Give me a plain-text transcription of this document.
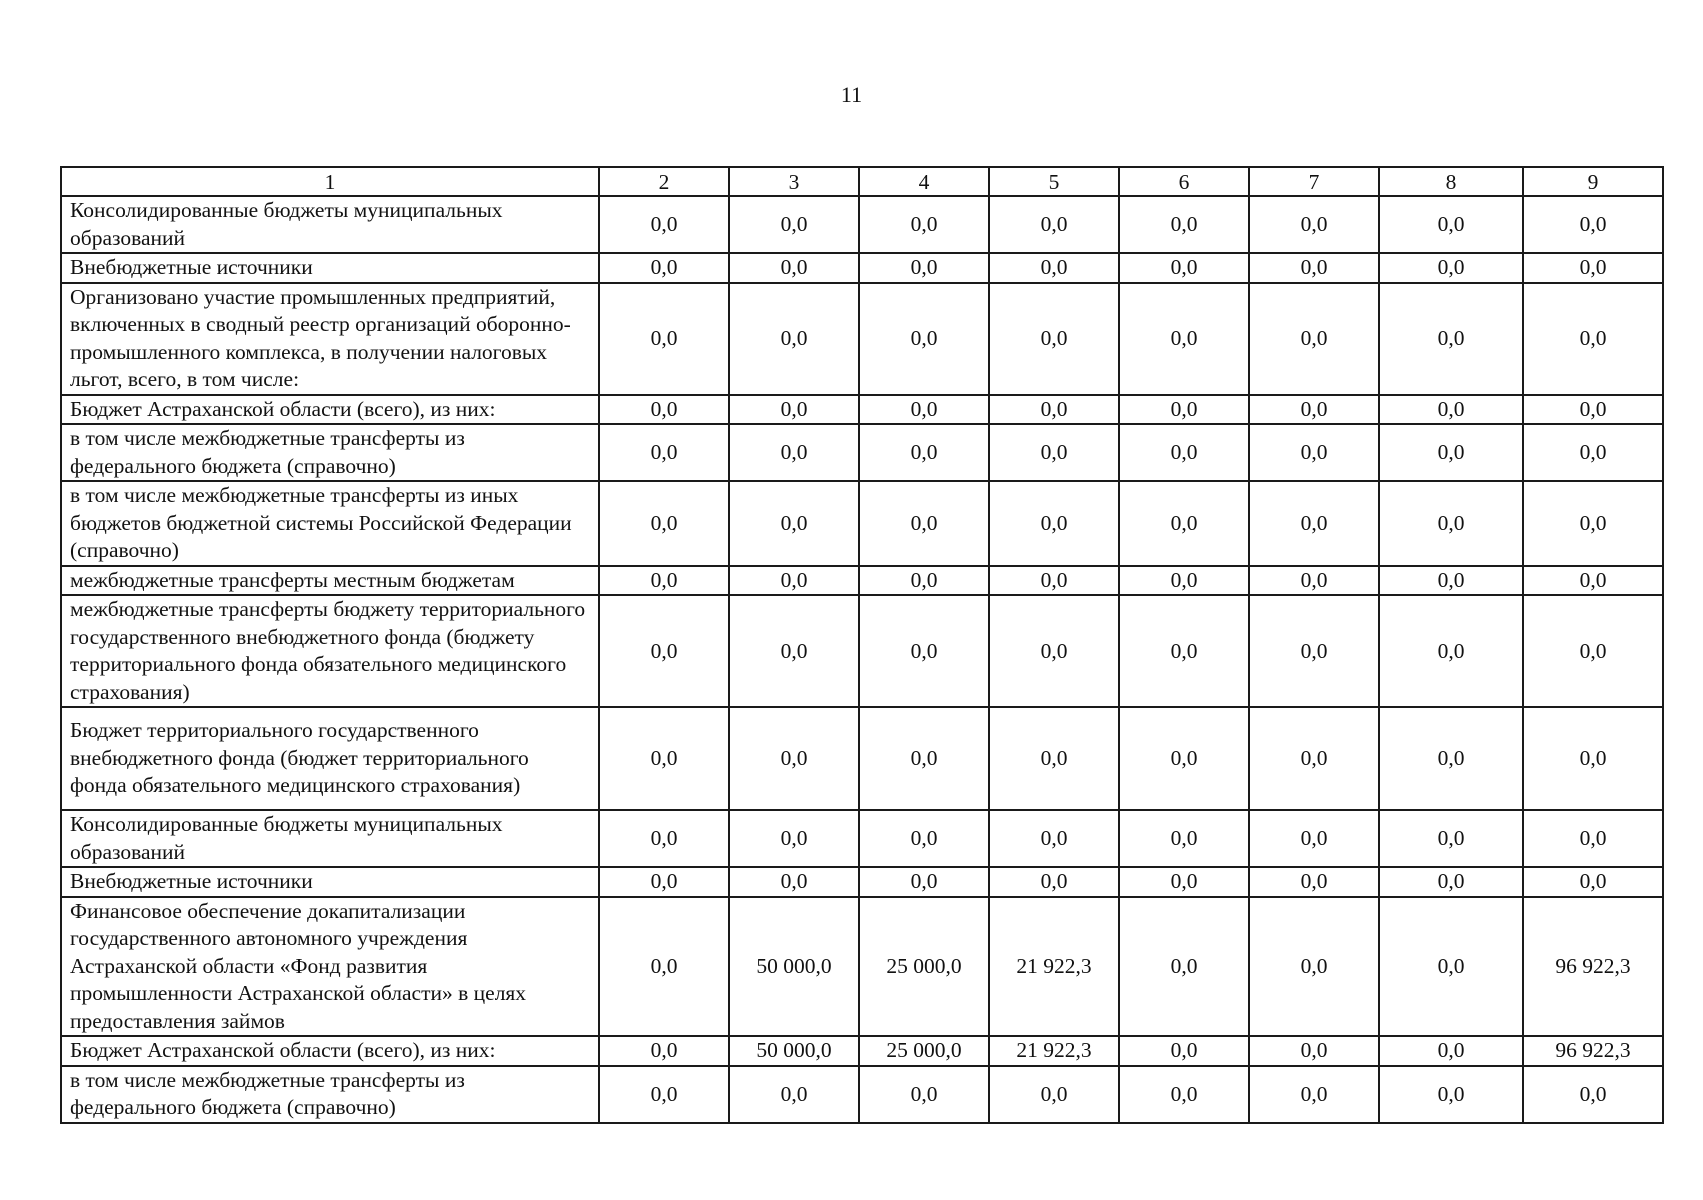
11
1	2	3	4	5	6	7	8	9
Консолидированные бюджеты муниципальных образований	0,0	0,0	0,0	0,0	0,0	0,0	0,0	0,0
Внебюджетные источники	0,0	0,0	0,0	0,0	0,0	0,0	0,0	0,0
Организовано участие промышленных предприятий, включенных в сводный реестр организаций оборонно-промышленного комплекса, в получении налоговых льгот, всего, в том числе:	0,0	0,0	0,0	0,0	0,0	0,0	0,0	0,0
Бюджет Астраханской области (всего), из них:	0,0	0,0	0,0	0,0	0,0	0,0	0,0	0,0
в том числе межбюджетные трансферты из федерального бюджета (справочно)	0,0	0,0	0,0	0,0	0,0	0,0	0,0	0,0
в том числе межбюджетные трансферты из иных бюджетов бюджетной системы Российской Федерации (справочно)	0,0	0,0	0,0	0,0	0,0	0,0	0,0	0,0
межбюджетные трансферты местным бюджетам	0,0	0,0	0,0	0,0	0,0	0,0	0,0	0,0
межбюджетные трансферты бюджету территориального государственного внебюджетного фонда (бюджету территориального фонда обязательного медицинского страхования)	0,0	0,0	0,0	0,0	0,0	0,0	0,0	0,0
Бюджет территориального государственного внебюджетного фонда (бюджет территориального фонда обязательного медицинского страхования)	0,0	0,0	0,0	0,0	0,0	0,0	0,0	0,0
Консолидированные бюджеты муниципальных образований	0,0	0,0	0,0	0,0	0,0	0,0	0,0	0,0
Внебюджетные источники	0,0	0,0	0,0	0,0	0,0	0,0	0,0	0,0
Финансовое обеспечение докапитализации государственного автономного учреждения Астраханской области «Фонд развития промышленности Астраханской области» в целях предоставления займов	0,0	50 000,0	25 000,0	21 922,3	0,0	0,0	0,0	96 922,3
Бюджет Астраханской области (всего), из них:	0,0	50 000,0	25 000,0	21 922,3	0,0	0,0	0,0	96 922,3
в том числе межбюджетные трансферты из федерального бюджета (справочно)	0,0	0,0	0,0	0,0	0,0	0,0	0,0	0,0
